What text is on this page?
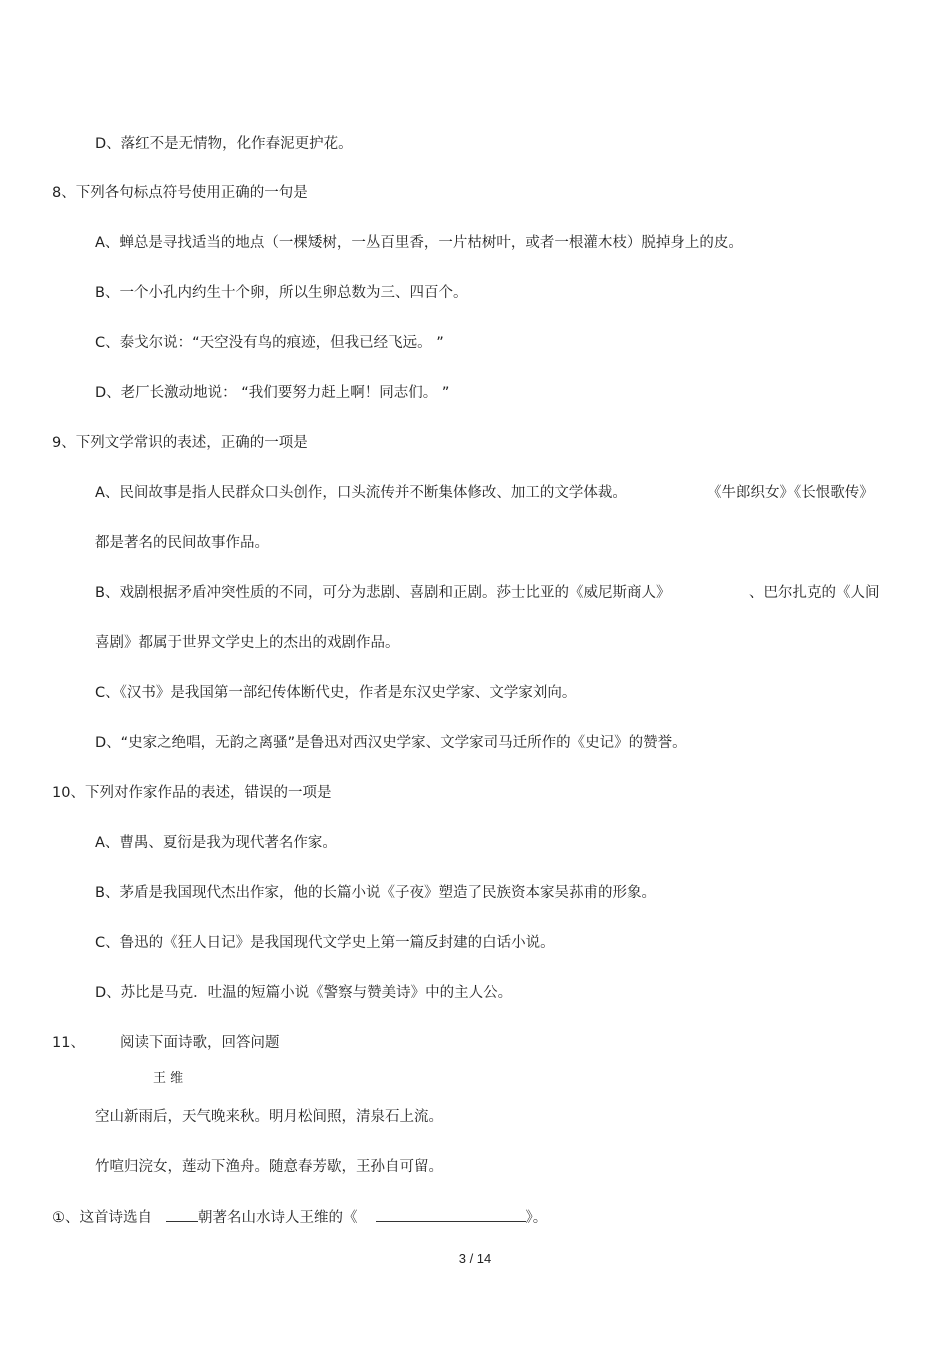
D、落红不是无情物，化作春泥更护花。
8、下列各句标点符号使用正确的一句是
A、蝉总是寻找适当的地点（一棵矮树，一丛百里香，一片枯树叶，或者一根灌木枝）脱掉身上的皮。
B、一个小孔内约生十个卵，所以生卵总数为三、四百个。
C、泰戈尔说：“天空没有鸟的痕迹，但我已经飞远。 ”
D、老厂长激动地说： “我们要努力赶上啊！同志们。 ”
9、下列文学常识的表述，正确的一项是
A、民间故事是指人民群众口头创作，口头流传并不断集体修改、加工的文学体裁。	《牛郎织女》《长恨歌传》
都是著名的民间故事作品。
B、戏剧根据矛盾冲突性质的不同，可分为悲剧、喜剧和正剧。莎士比亚的《威尼斯商人》	、巴尔扎克的《人间
喜剧》都属于世界文学史上的杰出的戏剧作品。
C、《汉书》是我国第一部纪传体断代史，作者是东汉史学家、文学家刘向。
D、“史家之绝唱，无韵之离骚”是鲁迅对西汉史学家、文学家司马迁所作的《史记》的赞誉。
10、下列对作家作品的表述，错误的一项是
A、曹禺、夏衍是我为现代著名作家。
B、茅盾是我国现代杰出作家，他的长篇小说《子夜》塑造了民族资本家吴荪甫的形象。
C、鲁迅的《狂人日记》是我国现代文学史上第一篇反封建的白话小说。
D、苏比是马克．吐温的短篇小说《警察与赞美诗》中的主人公。
11、 阅读下面诗歌，回答问题
王 维
空山新雨后，天气晚来秋。明月松间照，清泉石上流。
竹喧归浣女，莲动下渔舟。随意春芳歇，王孙自可留。
①、这首诗选自	朝著名山水诗人王维的《	》。
3 / 14
